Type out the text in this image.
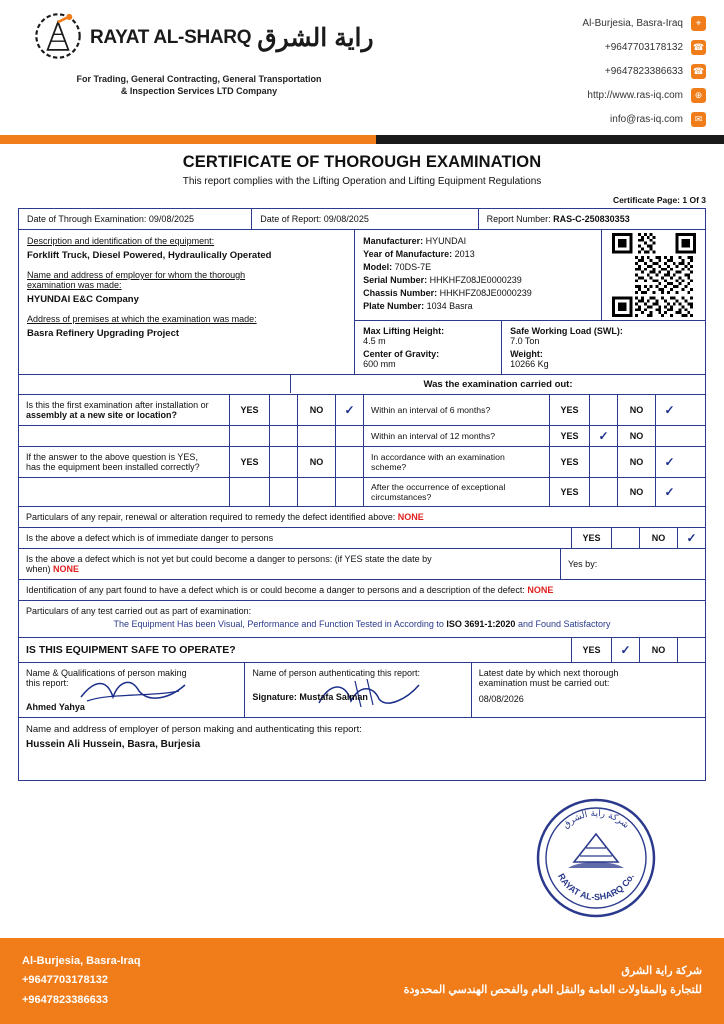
RAYAT AL-SHARQ راية الشرق
For Trading, General Contracting, General Transportation
& Inspection Services LTD Company
Al-Burjesia, Basra-Iraq	⌖
+9647703178132 ☎
+9647823386633 ☎
http://www.ras-iq.com	⊕
info@ras-iq.com	✉
CERTIFICATE OF THOROUGH EXAMINATION
This report complies with the Lifting Operation and Lifting Equipment Regulations
Certificate Page: 1 Of 3
Date of Through Examination: 09/08/2025	Date of Report: 09/08/2025	Report Number: RAS-C-250830353
Description and identification of the equipment:
Forklift Truck, Diesel Powered, Hydraulically Operated
Name and address of employer for whom the thorough
examination was made:
HYUNDAI E&C Company
Address of premises at which the examination was made:
Basra Refinery Upgrading Project
Manufacturer: HYUNDAI
Year of Manufacture: 2013
Model: 70DS-7E
Serial Number: HHKHFZ08JE0000239
Chassis Number: HHKHFZ08JE0000239
Plate Number: 1034 Basra
Max Lifting Height:
4.5 m
Center of Gravity:
600 mm
Safe Working Load (SWL):
7.0 Ton
Weight:
10266 Kg
Was the examination carried out:
Is this the first examination after installation or
assembly at a new site or location?	YES	NO	✓	Within an interval of 6 months?	YES	NO	✓
Within an interval of 12 months?	YES	✓	NO
If the answer to the above question is YES,
has the equipment been installed correctly?	YES	NO	In accordance with an examination scheme?	YES	NO	✓
After the occurrence of exceptional circumstances?	YES	NO	✓
Particulars of any repair, renewal or alteration required to remedy the defect identified above: NONE
Is the above a defect which is of immediate danger to persons	YES	NO	✓
Is the above a defect which is not yet but could become a danger to persons: (if YES state the date by
when) NONE	Yes by:
Identification of any part found to have a defect which is or could become a danger to persons and a description of the defect: NONE
Particulars of any test carried out as part of examination:
The Equipment Has been Visual, Performance and Function Tested in According to ISO 3691-1:2020 and Found Satisfactory
IS THIS EQUIPMENT SAFE TO OPERATE?	YES	✓	NO
Name & Qualifications of person making
this report:
Ahmed Yahya
Name of person authenticating this report:
Signature: Mustafa Salman
Latest date by which next thorough
examination must be carried out:
08/08/2026
Name and address of employer of person making and authenticating this report:
Hussein Ali Hussein, Basra, Burjesia
شركة راية الشرق
RAYAT AL-SHARQ Co.
Al-Burjesia, Basra-Iraq
+9647703178132
+9647823386633
شركة راية الشرق
للتجارة والمقاولات العامة والنقل العام والفحص الهندسي المحدودة
